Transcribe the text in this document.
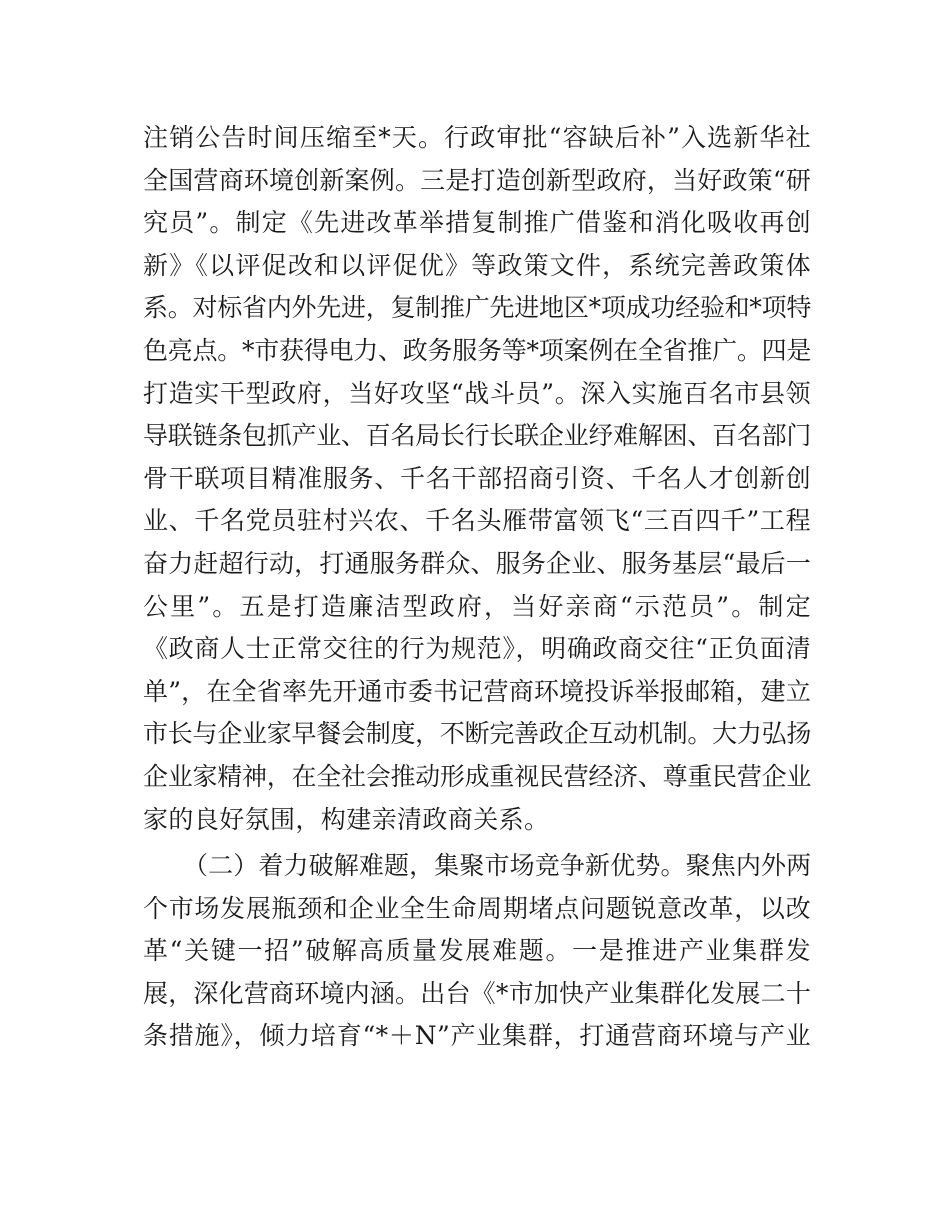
注销公告时间压缩至*天。行政审批“容缺后补”入选新华社
全国营商环境创新案例。三是打造创新型政府，当好政策“研
究员”。制定《先进改革举措复制推广借鉴和消化吸收再创
新》《以评促改和以评促优》等政策文件，系统完善政策体
系。对标省内外先进，复制推广先进地区*项成功经验和*项特
色亮点。*市获得电力、政务服务等*项案例在全省推广。四是
打造实干型政府，当好攻坚“战斗员”。深入实施百名市县领
导联链条包抓产业、百名局长行长联企业纾难解困、百名部门
骨干联项目精准服务、千名干部招商引资、千名人才创新创
业、千名党员驻村兴农、千名头雁带富领飞“三百四千”工程
奋力赶超行动，打通服务群众、服务企业、服务基层“最后一
公里”。五是打造廉洁型政府，当好亲商“示范员”。制定
《政商人士正常交往的行为规范》，明确政商交往“正负面清
单”，在全省率先开通市委书记营商环境投诉举报邮箱，建立
市长与企业家早餐会制度，不断完善政企互动机制。大力弘扬
企业家精神，在全社会推动形成重视民营经济、尊重民营企业
家的良好氛围，构建亲清政商关系。
（二）着力破解难题，集聚市场竞争新优势。聚焦内外两
个市场发展瓶颈和企业全生命周期堵点问题锐意改革，以改
革“关键一招”破解高质量发展难题。一是推进产业集群发
展，深化营商环境内涵。出台《*市加快产业集群化发展二十
条措施》，倾力培育“*＋N”产业集群，打通营商环境与产业
